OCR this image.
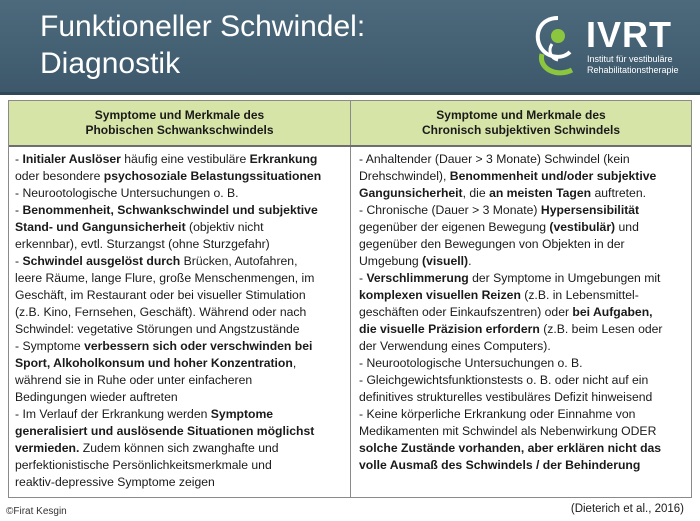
Funktioneller Schwindel:
Diagnostik
IVRT
Institut für vestibuläre
Rehabilitationstherapie
Symptome und Merkmale des
Phobischen Schwankschwindels
Symptome und Merkmale des
Chronisch subjektiven Schwindels
- Initialer Auslöser häufig eine vestibuläre Erkrankung
oder besondere psychosoziale Belastungssituationen
- Neurootologische Untersuchungen o. B.
- Benommenheit, Schwankschwindel und subjektive
Stand- und Gangunsicherheit (objektiv nicht
erkennbar), evtl. Sturzangst (ohne Sturzgefahr)
- Schwindel ausgelöst durch Brücken, Autofahren,
leere Räume, lange Flure, große Menschenmengen, im
Geschäft, im Restaurant oder bei visueller Stimulation
(z.B. Kino, Fernsehen, Geschäft). Während oder nach
Schwindel: vegetative Störungen und Angstzustände
- Symptome verbessern sich oder verschwinden bei
Sport, Alkoholkonsum und hoher Konzentration,
während sie in Ruhe oder unter einfacheren
Bedingungen wieder auftreten
- Im Verlauf der Erkrankung werden Symptome
generalisiert und auslösende Situationen möglichst
vermieden. Zudem können sich zwanghafte und
perfektionistische Persönlichkeitsmerkmale und
reaktiv-depressive Symptome zeigen
- Anhaltender (Dauer > 3 Monate) Schwindel (kein
Drehschwindel), Benommenheit und/oder subjektive
Gangunsicherheit, die an meisten Tagen auftreten.
- Chronische (Dauer > 3 Monate) Hypersensibilität
gegenüber der eigenen Bewegung (vestibulär) und
gegenüber den Bewegungen von Objekten in der
Umgebung (visuell).
- Verschlimmerung der Symptome in Umgebungen mit
komplexen visuellen Reizen (z.B. in Lebensmittel-
geschäften oder Einkaufszentren) oder bei Aufgaben,
die visuelle Präzision erfordern (z.B. beim Lesen oder
der Verwendung eines Computers).
- Neurootologische Untersuchungen o. B.
- Gleichgewichtsfunktionstests o. B. oder nicht auf ein
definitives strukturelles vestibuläres Defizit hinweisend
- Keine körperliche Erkrankung oder Einnahme von
Medikamenten mit Schwindel als Nebenwirkung ODER
solche Zustände vorhanden, aber erklären nicht das
volle Ausmaß des Schwindels / der Behinderung
©Firat Kesgin	(Dieterich et al., 2016)
